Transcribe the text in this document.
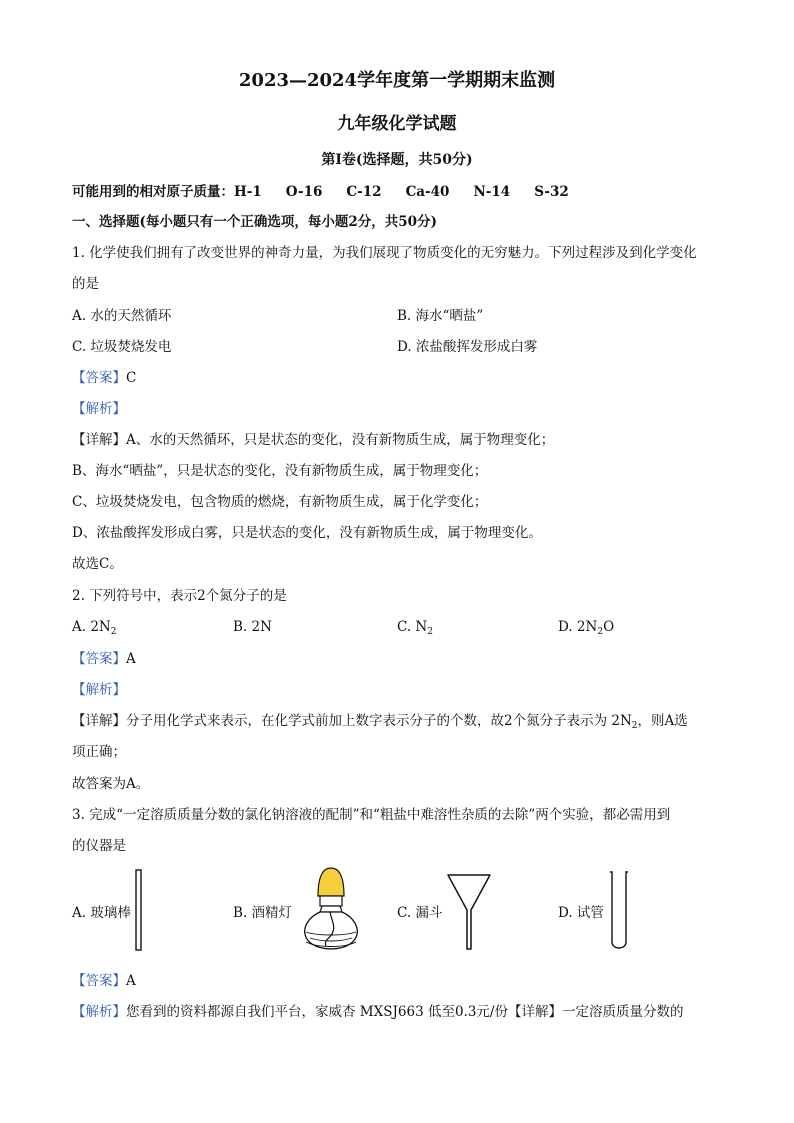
2023—2024学年度第一学期期末监测
九年级化学试题
第Ⅰ卷(选择题，共50分)
可能用到的相对原子质量：H-1 O-16 C-12 Ca-40 N-14 S-32
一、选择题(每小题只有一个正确选项，每小题2分，共50分)
1. 化学使我们拥有了改变世界的神奇力量，为我们展现了物质变化的无穷魅力。下列过程涉及到化学变化
的是
A. 水的天然循环	B. 海水“晒盐”
C. 垃圾焚烧发电	D. 浓盐酸挥发形成白雾
【答案】C
【解析】
【详解】A、水的天然循环，只是状态的变化，没有新物质生成，属于物理变化；
B、海水“晒盐”，只是状态的变化，没有新物质生成，属于物理变化；
C、垃圾焚烧发电，包含物质的燃烧，有新物质生成，属于化学变化；
D、浓盐酸挥发形成白雾，只是状态的变化，没有新物质生成，属于物理变化。
故选C。
2. 下列符号中，表示2个氮分子的是
A. $2N_2$	B. 2N	C. $N_2$	D. $2N_2O$
【答案】A
【解析】
【详解】分子用化学式来表示，在化学式前加上数字表示分子的个数，故2个氮分子表示为 $2N_2$，则A选
项正确；
故答案为A。
3. 完成“一定溶质质量分数的氯化钠溶液的配制”和“粗盐中难溶性杂质的去除”两个实验，都必需用到
的仪器是
A. 玻璃棒	B. 酒精灯	C. 漏斗	D. 试管
【答案】A
【解析】您看到的资料都源自我们平台，家威杏 MXSJ663 低至0.3元/份【详解】一定溶质质量分数的
